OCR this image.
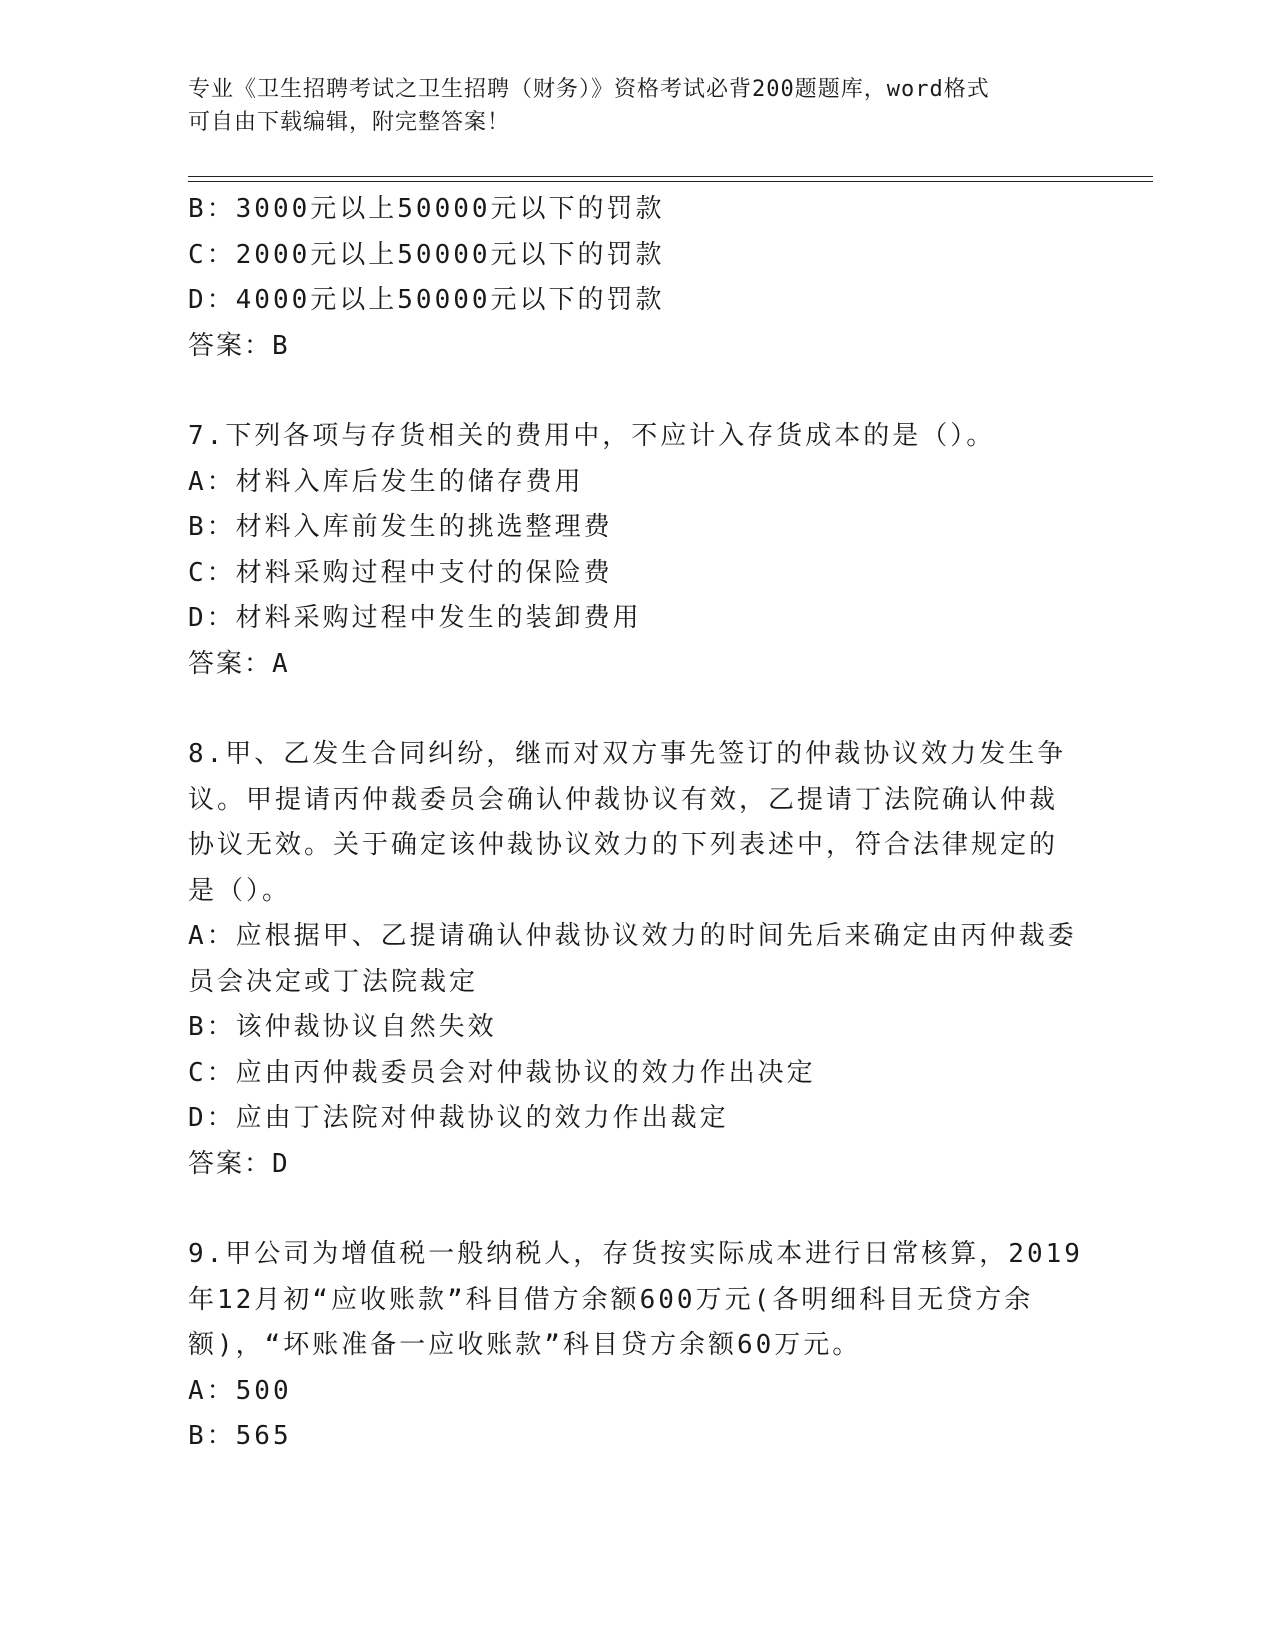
专业《卫生招聘考试之卫生招聘（财务）》资格考试必背200题题库，word格式
可自由下载编辑，附完整答案！
B：3000元以上50000元以下的罚款
C：2000元以上50000元以下的罚款
D：4000元以上50000元以下的罚款
答案：B
7.下列各项与存货相关的费用中，不应计入存货成本的是（）。
A：材料入库后发生的储存费用
B：材料入库前发生的挑选整理费
C：材料采购过程中支付的保险费
D：材料采购过程中发生的装卸费用
答案：A
8.甲、乙发生合同纠纷，继而对双方事先签订的仲裁协议效力发生争
议。甲提请丙仲裁委员会确认仲裁协议有效，乙提请丁法院确认仲裁
协议无效。关于确定该仲裁协议效力的下列表述中，符合法律规定的
是（）。
A：应根据甲、乙提请确认仲裁协议效力的时间先后来确定由丙仲裁委
员会决定或丁法院裁定
B：该仲裁协议自然失效
C：应由丙仲裁委员会对仲裁协议的效力作出决定
D：应由丁法院对仲裁协议的效力作出裁定
答案：D
9.甲公司为增值税一般纳税人，存货按实际成本进行日常核算，2019
年12月初“应收账款”科目借方余额600万元(各明细科目无贷方余
额)，“坏账准备一应收账款”科目贷方余额60万元。
A：500
B：565
